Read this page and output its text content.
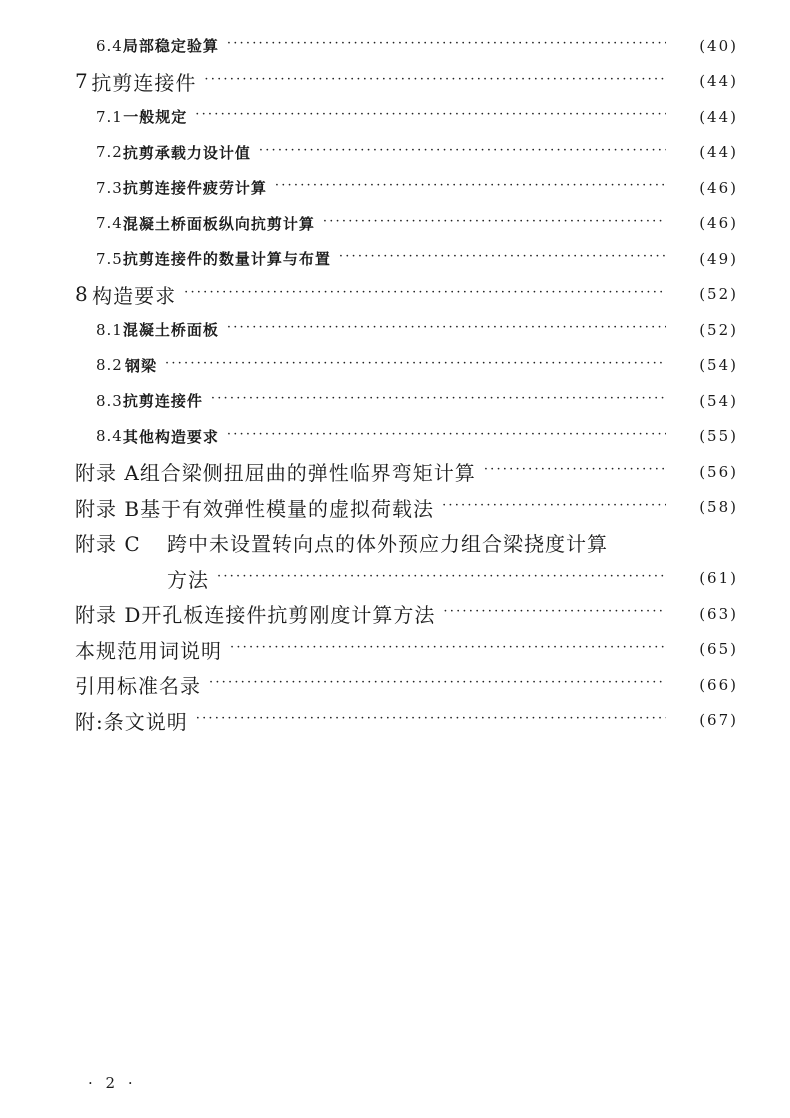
6.4 局部稳定验算 ·····	(40)
7 抗剪连接件 ·····	(44)
7.1 一般规定 ·····	(44)
7.2 抗剪承载力设计值 ·····	(44)
7.3 抗剪连接件疲劳计算 ·····	(46)
7.4 混凝土桥面板纵向抗剪计算 ·····	(46)
7.5 抗剪连接件的数量计算与布置 ·····	(49)
8 构造要求 ·····	(52)
8.1 混凝土桥面板 ·····	(52)
8.2 钢梁 ·····	(54)
8.3 抗剪连接件 ·····	(54)
8.4 其他构造要求 ·····	(55)
附录 A 组合梁侧扭屈曲的弹性临界弯矩计算 ·····	(56)
附录 B 基于有效弹性模量的虚拟荷载法 ·····	(58)
附录 C	跨中未设置转向点的体外预应力组合梁挠度计算
方法 ·····	(61)
附录 D 开孔板连接件抗剪刚度计算方法 ·····	(63)
本规范用词说明 ·····	(65)
引用标准名录 ·····	(66)
附:条文说明 ·····	(67)
· 2 ·
